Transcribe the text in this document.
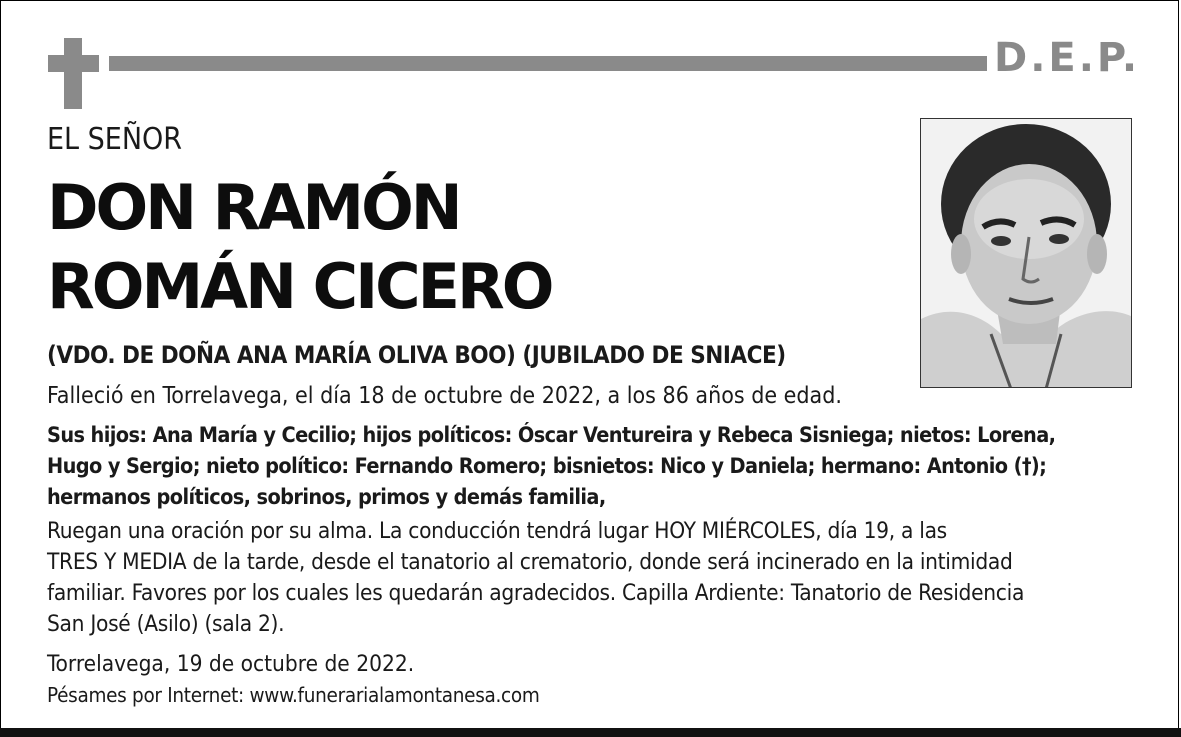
D.E.P.
EL SEÑOR
DON RAMÓN
ROMÁN CICERO
(VDO. DE DOÑA ANA MARÍA OLIVA BOO) (JUBILADO DE SNIACE)
Falleció en Torrelavega, el día 18 de octubre de 2022, a los 86 años de edad.
Sus hijos: Ana María y Cecilio; hijos políticos: Óscar Ventureira y Rebeca Sisniega; nietos: Lorena,
Hugo y Sergio; nieto político: Fernando Romero; bisnietos: Nico y Daniela; hermano: Antonio (†);
hermanos políticos, sobrinos, primos y demás familia,
Ruegan una oración por su alma. La conducción tendrá lugar HOY MIÉRCOLES, día 19, a las
TRES Y MEDIA de la tarde, desde el tanatorio al crematorio, donde será incinerado en la intimidad
familiar. Favores por los cuales les quedarán agradecidos. Capilla Ardiente: Tanatorio de Residencia
San José (Asilo) (sala 2).
Torrelavega, 19 de octubre de 2022.
Pésames por Internet: www.funerarialamontanesa.com
